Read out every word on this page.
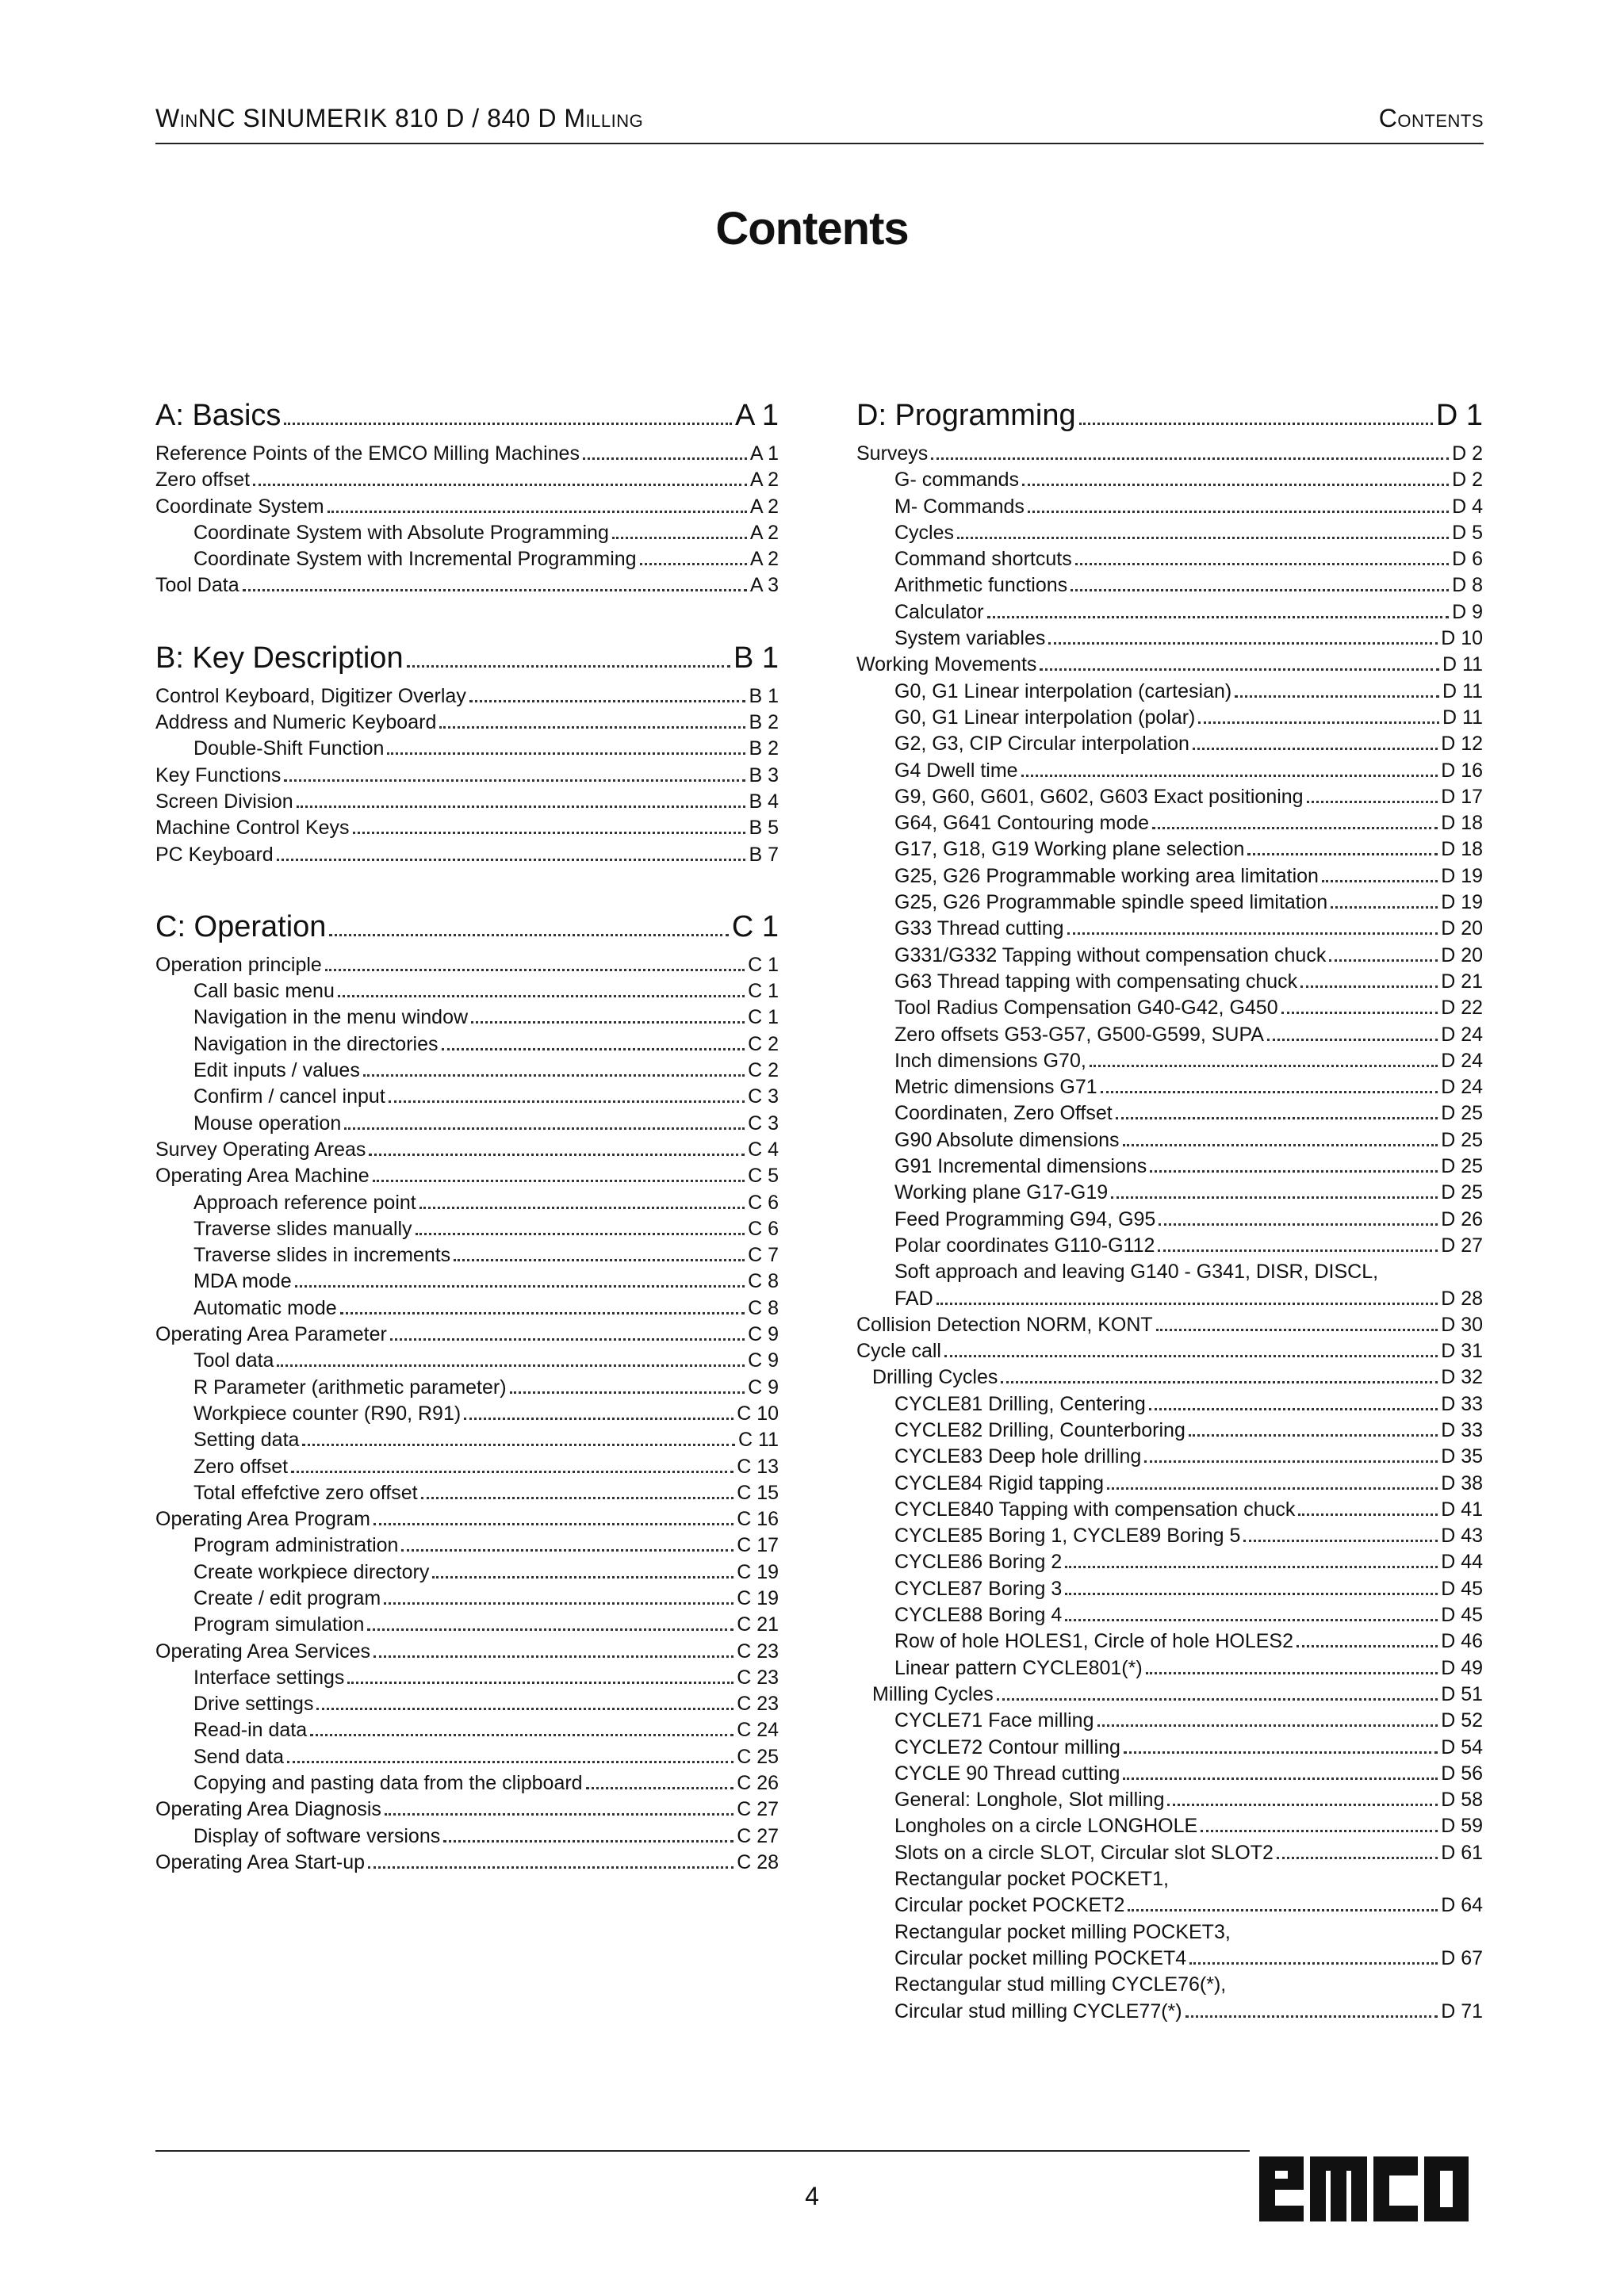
WinNC SINUMERIK 810 D / 840 D Milling	Contents
Contents
A: Basics	A 1
Reference Points of the EMCO Milling Machines	A 1
Zero offset	A 2
Coordinate System	A 2
Coordinate System with Absolute Programming	A 2
Coordinate System with Incremental Programming	A 2
Tool Data	A 3
B: Key Description	B 1
Control Keyboard, Digitizer Overlay	B 1
Address and Numeric Keyboard	B 2
Double-Shift Function	B 2
Key Functions	B 3
Screen Division	B 4
Machine Control Keys	B 5
PC Keyboard	B 7
C: Operation	C 1
Operation principle	C 1
Call basic menu	C 1
Navigation in the menu window	C 1
Navigation in the directories	C 2
Edit inputs / values	C 2
Confirm / cancel input	C 3
Mouse operation	C 3
Survey Operating Areas	C 4
Operating Area Machine	C 5
Approach reference point	C 6
Traverse slides manually	C 6
Traverse slides in increments	C 7
MDA mode	C 8
Automatic mode	C 8
Operating Area Parameter	C 9
Tool data	C 9
R Parameter (arithmetic parameter)	C 9
Workpiece counter (R90, R91)	C 10
Setting data	C 11
Zero offset	C 13
Total effefctive zero offset	C 15
Operating Area Program	C 16
Program administration	C 17
Create workpiece directory	C 19
Create / edit program	C 19
Program simulation	C 21
Operating Area Services	C 23
Interface settings	C 23
Drive settings	C 23
Read-in data	C 24
Send data	C 25
Copying and pasting data from the clipboard	C 26
Operating Area Diagnosis	C 27
Display of software versions	C 27
Operating Area Start-up	C 28
D: Programming	D 1
Surveys	D 2
G- commands	D 2
M- Commands	D 4
Cycles	D 5
Command shortcuts	D 6
Arithmetic functions	D 8
Calculator	D 9
System variables	D 10
Working Movements	D 11
G0, G1 Linear interpolation (cartesian)	D 11
G0, G1 Linear interpolation (polar)	D 11
G2, G3, CIP Circular interpolation	D 12
G4 Dwell time	D 16
G9, G60, G601, G602, G603 Exact positioning	D 17
G64, G641 Contouring mode	D 18
G17, G18, G19 Working plane selection	D 18
G25, G26 Programmable working area limitation	D 19
G25, G26 Programmable spindle speed limitation	D 19
G33 Thread cutting	D 20
G331/G332 Tapping without compensation chuck	D 20
G63 Thread tapping with compensating chuck	D 21
Tool Radius Compensation G40-G42, G450	D 22
Zero offsets G53-G57, G500-G599, SUPA	D 24
Inch dimensions G70,	D 24
Metric dimensions G71	D 24
Coordinaten, Zero Offset	D 25
G90 Absolute dimensions	D 25
G91 Incremental dimensions	D 25
Working plane G17-G19	D 25
Feed Programming G94, G95	D 26
Polar coordinates G110-G112	D 27
Soft approach and leaving G140 - G341, DISR, DISCL,
FAD	D 28
Collision Detection NORM, KONT	D 30
Cycle call	D 31
Drilling Cycles	D 32
CYCLE81 Drilling, Centering	D 33
CYCLE82 Drilling, Counterboring	D 33
CYCLE83 Deep hole drilling	D 35
CYCLE84 Rigid tapping	D 38
CYCLE840 Tapping with compensation chuck	D 41
CYCLE85 Boring 1, CYCLE89 Boring 5	D 43
CYCLE86 Boring 2	D 44
CYCLE87 Boring 3	D 45
CYCLE88 Boring 4	D 45
Row of hole HOLES1, Circle of hole HOLES2	D 46
Linear pattern CYCLE801(*)	D 49
Milling Cycles	D 51
CYCLE71 Face milling	D 52
CYCLE72 Contour milling	D 54
CYCLE 90 Thread cutting	D 56
General: Longhole, Slot milling	D 58
Longholes on a circle LONGHOLE	D 59
Slots on a circle SLOT, Circular slot SLOT2	D 61
Rectangular pocket POCKET1,
Circular pocket POCKET2	D 64
Rectangular pocket milling POCKET3,
Circular pocket milling POCKET4	D 67
Rectangular stud milling CYCLE76(*),
Circular stud milling CYCLE77(*)	D 71
4
